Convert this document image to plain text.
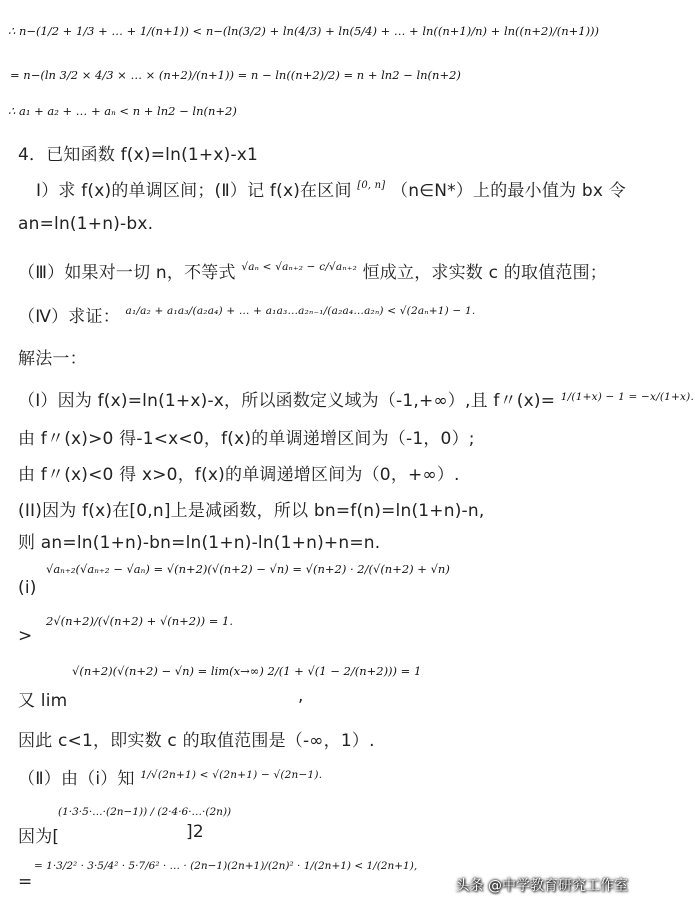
∴ n−(1/2 + 1/3 + … + 1/(n+1)) < n−(ln(3/2) + ln(4/3) + ln(5/4) + … + ln((n+1)/n) + ln((n+2)/(n+1)))
= n−(ln 3/2 × 4/3 × … × (n+2)/(n+1)) = n − ln((n+2)/2) = n + ln2 − ln(n+2)
∴ a₁ + a₂ + … + aₙ < n + ln2 − ln(n+2)
4．已知函数 f(x)=ln(1+x)-x1
Ⅰ）求 f(x)的单调区间；(Ⅱ）记 f(x)在区间 [0, n] （n∈N*）上的最小值为 bx 令
an=ln(1+n)-bx.
（Ⅲ）如果对一切 n，不等式 $^{√a_n < √a_{n+2} - c/√a_{n+2}}$ 恒成立，求实数 c 的取值范围；
（Ⅳ）求证： $^{a_1/a_2 + a_1a_3/(a_2a_4) + \dots + a_1a_3\dots a_{2n-1}/(a_2a_4\dots a_{2n}) < √(2a_n+1) - 1.}$
解法一：
（I）因为 f(x)=ln(1+x)-x，所以函数定义域为（-1,+∞）,且 f〃(x)= $^{1/(1+x) - 1 = -x/(1+x).}$
由 f〃(x)>0 得-1<x<0，f(x)的单调递增区间为（-1，0）;
由 f〃(x)<0 得 x>0，f(x)的单调递增区间为（0，+∞）.
(II)因为 f(x)在[0,n]上是减函数，所以 bn=f(n)=ln(1+n)-n,
则 an=ln(1+n)-bn=ln(1+n)-ln(1+n)+n=n.
√aₙ₊₂(√aₙ₊₂ − √aₙ) = √(n+2)(√(n+2) − √n) = √(n+2) · 2/(√(n+2) + √n)
(i)
2√(n+2)/(√(n+2) + √(n+2)) = 1.
>
√(n+2)(√(n+2) − √n) = lim(x→∞) 2/(1 + √(1 − 2/(n+2))) = 1
又 lim	,
因此 c<1，即实数 c 的取值范围是（-∞，1）.
（Ⅱ）由（i）知 $^{1/√(2n+1) < √(2n+1) - √(2n-1).}$
(1·3·5·…·(2n−1)) / (2·4·6·…·(2n))
因为[	]2
= 1·3/2² · 3·5/4² · 5·7/6² · … · (2n−1)(2n+1)/(2n)² · 1/(2n+1) < 1/(2n+1),
=	头条 @中学教育研究工作室
